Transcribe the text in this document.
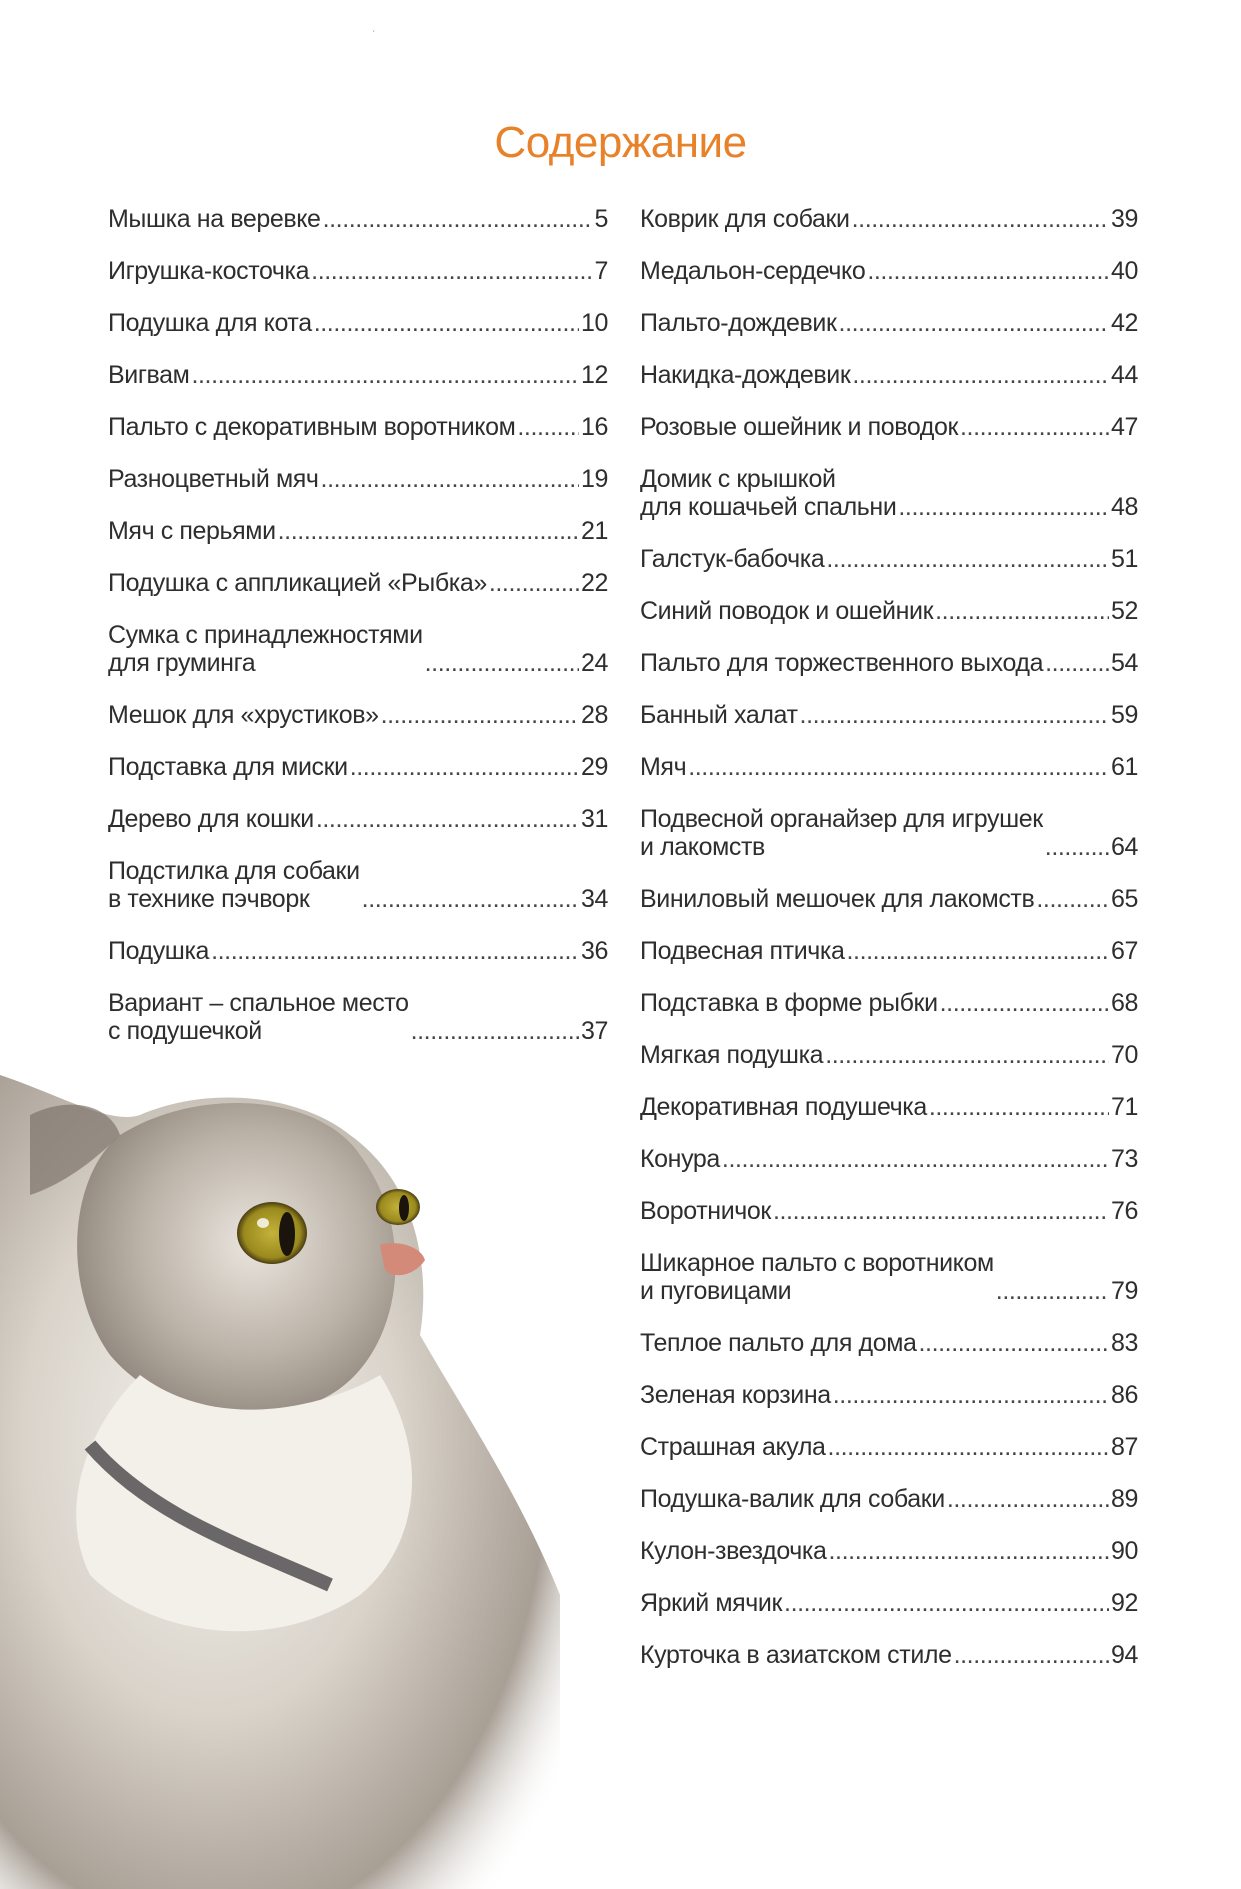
ˊ
Содержание
Мышка на веревке .....	5
Игрушка-косточка .....	7
Подушка для кота .....	10
Вигвам .....	12
Пальто с декоративным воротником .....	16
Разноцветный мяч .....	19
Мяч с перьями .....	21
Подушка с аппликацией «Рыбка» .....	22
Сумка с принадлежностями
для груминга .....	24
Мешок для «хрустиков» .....	28
Подставка для миски .....	29
Дерево для кошки .....	31
Подстилка для собаки
в технике пэчворк .....	34
Подушка .....	36
Вариант – спальное место
с подушечкой .....	37
Коврик для собаки .....	39
Медальон-сердечко .....	40
Пальто-дождевик .....	42
Накидка-дождевик .....	44
Розовые ошейник и поводок .....	47
Домик с крышкой
для кошачьей спальни .....	48
Галстук-бабочка .....	51
Синий поводок и ошейник .....	52
Пальто для торжественного выхода .....	54
Банный халат .....	59
Мяч .....	61
Подвесной органайзер для игрушек
и лакомств .....	64
Виниловый мешочек для лакомств .....	65
Подвесная птичка .....	67
Подставка в форме рыбки .....	68
Мягкая подушка .....	70
Декоративная подушечка .....	71
Конура .....	73
Воротничок .....	76
Шикарное пальто с воротником
и пуговицами .....	79
Теплое пальто для дома .....	83
Зеленая корзина .....	86
Страшная акула .....	87
Подушка-валик для собаки .....	89
Кулон-звездочка .....	90
Яркий мячик .....	92
Курточка в азиатском стиле .....	94
